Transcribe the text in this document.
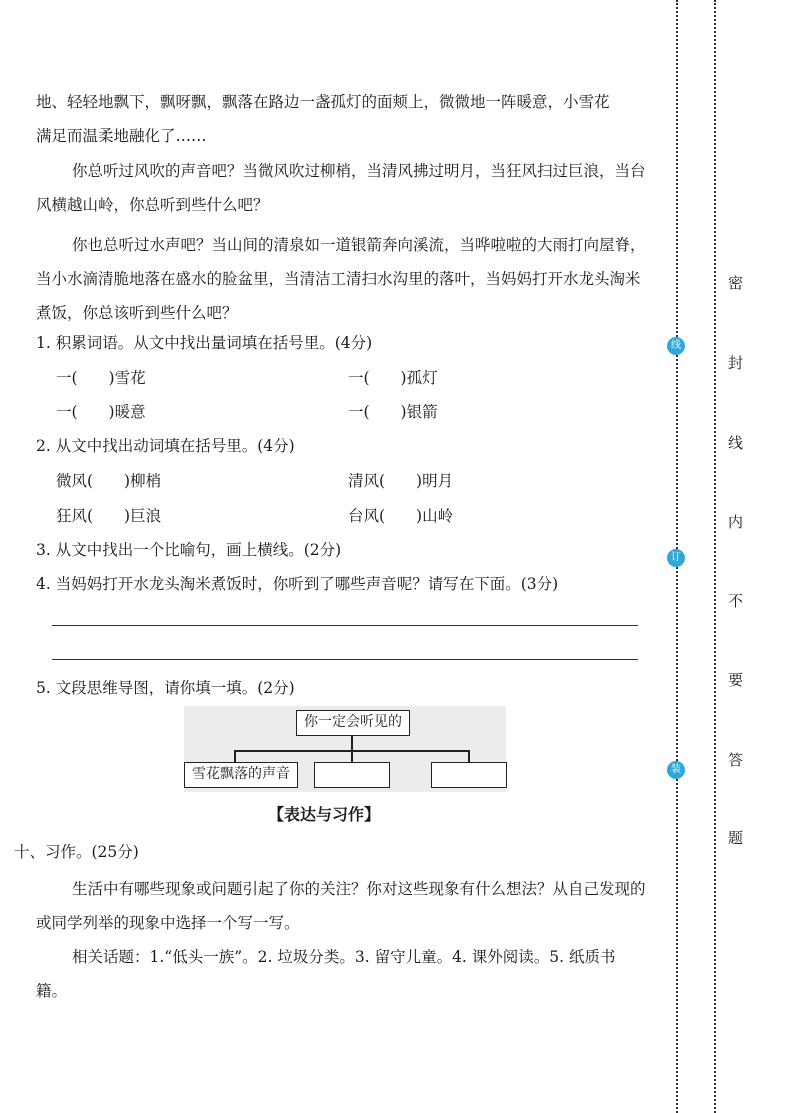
地、轻轻地飘下，飘呀飘，飘落在路边一盏孤灯的面颊上，微微地一阵暖意，小雪花

满足而温柔地融化了……

你总听过风吹的声音吧？当微风吹过柳梢，当清风拂过明月，当狂风扫过巨浪，当台风横越山岭，你总听到些什么吧？

你也总听过水声吧？当山间的清泉如一道银箭奔向溪流，当哗啦啦的大雨打向屋脊，当小水滴清脆地落在盛水的脸盆里，当清洁工清扫水沟里的落叶，当妈妈打开水龙头淘米煮饭，你总该听到些什么吧？

1. 积累词语。从文中找出量词填在括号里。(4分)

一(　　)雪花	一(　　)孤灯

一(　　)暖意	一(　　)银箭

2. 从文中找出动词填在括号里。(4分)

微风(　　)柳梢	清风(　　)明月

狂风(　　)巨浪	台风(　　)山岭

3. 从文中找出一个比喻句，画上横线。(2分)

4. 当妈妈打开水龙头淘米煮饭时，你听到了哪些声音呢？请写在下面。(3分)

5. 文段思维导图，请你填一填。(2分)

你一定会听见的
雪花飘落的声音
【表达与习作】

十、习作。(25分)

生活中有哪些现象或问题引起了你的关注？你对这些现象有什么想法？从自己发现的或同学列举的现象中选择一个写一写。

相关话题：1.“低头一族”。2. 垃圾分类。3. 留守儿童。4. 课外阅读。5. 纸质书籍。

线
订
装
密
封
线
内
不
要
答
题
